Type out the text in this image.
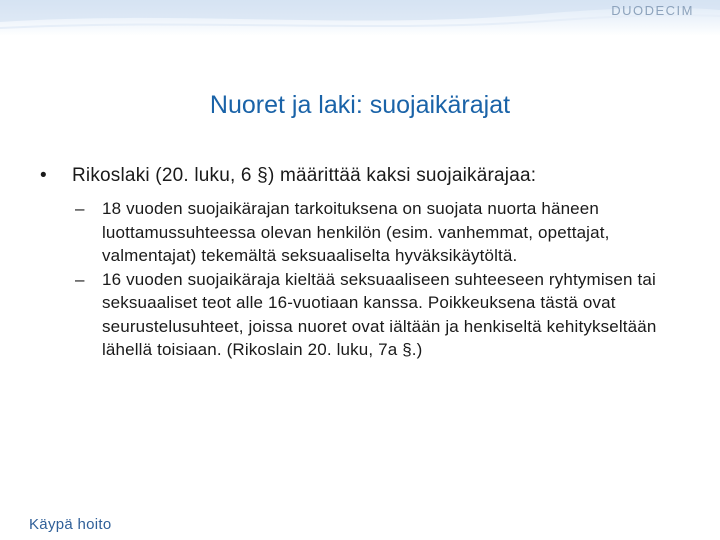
DUODECIM
Nuoret ja laki: suojaikärajat
• Rikoslaki (20. luku, 6 §) määrittää kaksi suojaikärajaa:
– 18 vuoden suojaikärajan tarkoituksena on suojata nuorta häneen luottamussuhteessa olevan henkilön (esim. vanhemmat, opettajat, valmentajat) tekemältä seksuaaliselta hyväksikäytöltä.
– 16 vuoden suojaikäraja kieltää seksuaaliseen suhteeseen ryhtymisen tai seksuaaliset teot alle 16-vuotiaan kanssa. Poikkeuksena tästä ovat seurustelusuhteet, joissa nuoret ovat iältään ja henkiseltä kehitykseltään lähellä toisiaan. (Rikoslain 20. luku, 7a §.)
Käypä hoito
